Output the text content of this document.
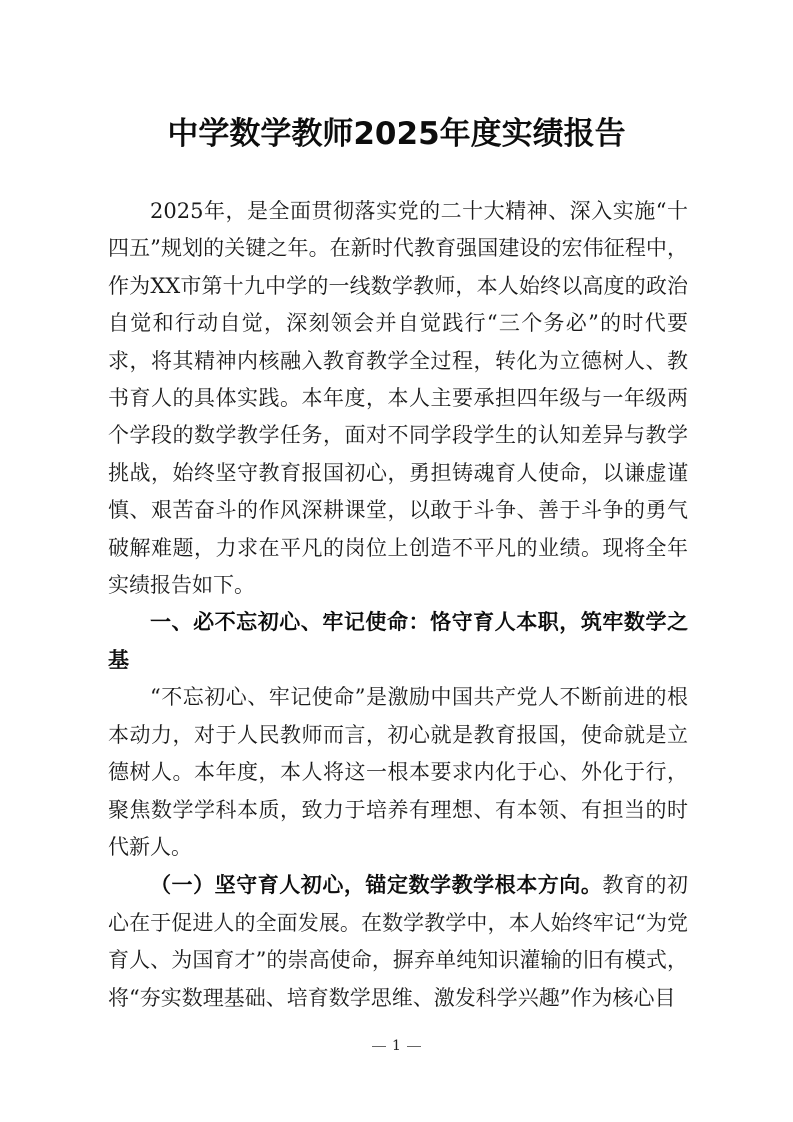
中学数学教师2025年度实绩报告

2025年，是全面贯彻落实党的二十大精神、深入实施“十四五”规划的关键之年。在新时代教育强国建设的宏伟征程中，作为XX市第十九中学的一线数学教师，本人始终以高度的政治自觉和行动自觉，深刻领会并自觉践行“三个务必”的时代要求，将其精神内核融入教育教学全过程，转化为立德树人、教书育人的具体实践。本年度，本人主要承担四年级与一年级两个学段的数学教学任务，面对不同学段学生的认知差异与教学挑战，始终坚守教育报国初心，勇担铸魂育人使命，以谦虚谨慎、艰苦奋斗的作风深耕课堂，以敢于斗争、善于斗争的勇气破解难题，力求在平凡的岗位上创造不平凡的业绩。现将全年实绩报告如下。

一、必不忘初心、牢记使命：恪守育人本职，筑牢数学之基

“不忘初心、牢记使命”是激励中国共产党人不断前进的根本动力，对于人民教师而言，初心就是教育报国，使命就是立德树人。本年度，本人将这一根本要求内化于心、外化于行，聚焦数学学科本质，致力于培养有理想、有本领、有担当的时代新人。

（一）坚守育人初心，锚定数学教学根本方向。教育的初心在于促进人的全面发展。在数学教学中，本人始终牢记“为党育人、为国育才”的崇高使命，摒弃单纯知识灌输的旧有模式，将“夯实数理基础、培育数学思维、激发科学兴趣”作为核心目

1
